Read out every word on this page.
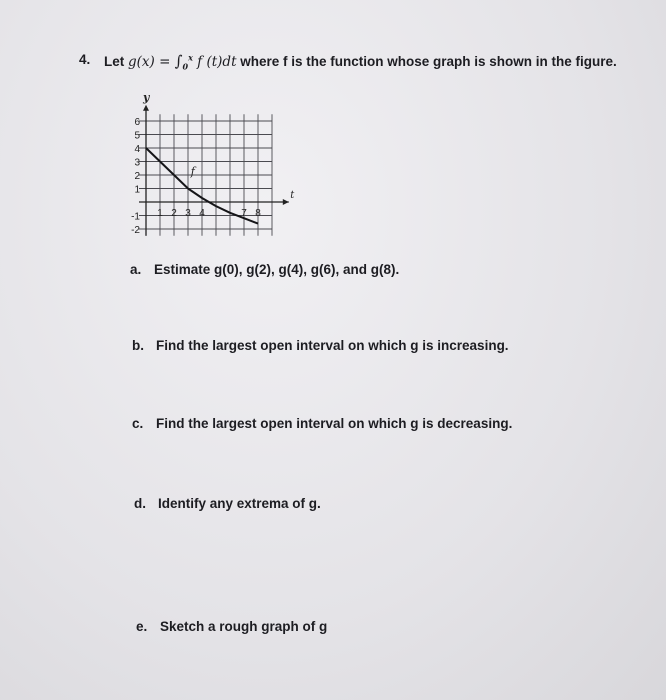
4. Let $g(x) = \int_0^x$ f (t)dt where f is the function whose graph is shown in the figure.
y
t
6
5
4
3
2
1
-1
-2
1 2 3 4	7 8
f
a. Estimate g(0), g(2), g(4), g(6), and g(8).
b. Find the largest open interval on which g is increasing.
c. Find the largest open interval on which g is decreasing.
d. Identify any extrema of g.
e. Sketch a rough graph of g
